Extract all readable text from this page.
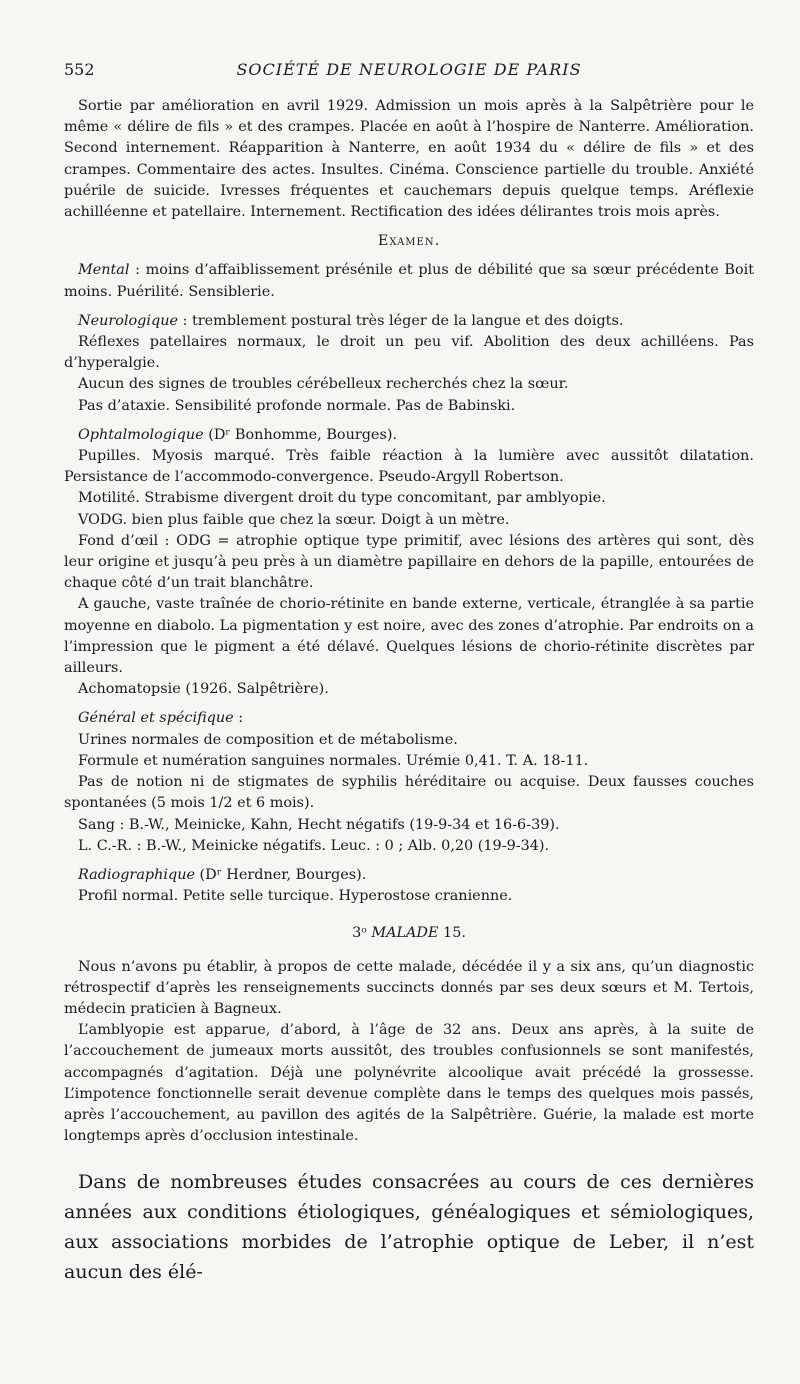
552	SOCIÉTÉ DE NEUROLOGIE DE PARIS

Sortie par amélioration en avril 1929. Admission un mois après à la Salpêtrière pour le même « délire de fils » et des crampes. Placée en août à l’hospire de Nanterre. Amélioration. Second internement. Réapparition à Nanterre, en août 1934 du « délire de fils » et des crampes. Commentaire des actes. Insultes. Cinéma. Conscience partielle du trouble. Anxiété puérile de suicide. Ivresses fréquentes et cauchemars depuis quelque temps. Aréflexie achilléenne et patellaire. Internement. Rectification des idées délirantes trois mois après.

Examen.

Mental : moins d’affaiblissement présénile et plus de débilité que sa sœur précédente Boit moins. Puérilité. Sensiblerie.

Neurologique : tremblement postural très léger de la langue et des doigts.

Réflexes patellaires normaux, le droit un peu vif. Abolition des deux achilléens. Pas d’hyperalgie.

Aucun des signes de troubles cérébelleux recherchés chez la sœur.

Pas d’ataxie. Sensibilité profonde normale. Pas de Babinski.

Ophtalmologique (Dʳ Bonhomme, Bourges).

Pupilles. Myosis marqué. Très faible réaction à la lumière avec aussitôt dilatation. Persistance de l’accommodo-convergence. Pseudo-Argyll Robertson.

Motilité. Strabisme divergent droit du type concomitant, par amblyopie.

VODG. bien plus faible que chez la sœur. Doigt à un mètre.

Fond d’œil : ODG = atrophie optique type primitif, avec lésions des artères qui sont, dès leur origine et jusqu’à peu près à un diamètre papillaire en dehors de la papille, entourées de chaque côté d’un trait blanchâtre.

A gauche, vaste traînée de chorio-rétinite en bande externe, verticale, étranglée à sa partie moyenne en diabolo. La pigmentation y est noire, avec des zones d’atrophie. Par endroits on a l’impression que le pigment a été délavé. Quelques lésions de chorio-rétinite discrètes par ailleurs.

Achomatopsie (1926. Salpêtrière).

Général et spécifique :

Urines normales de composition et de métabolisme.

Formule et numération sanguines normales. Urémie 0,41. T. A. 18-11.

Pas de notion ni de stigmates de syphilis héréditaire ou acquise. Deux fausses couches spontanées (5 mois 1/2 et 6 mois).

Sang : B.-W., Meinicke, Kahn, Hecht négatifs (19-9-34 et 16-6-39).

L. C.-R. : B.-W., Meinicke négatifs. Leuc. : 0 ; Alb. 0,20 (19-9-34).

Radiographique (Dʳ Herdner, Bourges).

Profil normal. Petite selle turcique. Hyperostose cranienne.

3ᵒ MALADE 15.

Nous n’avons pu établir, à propos de cette malade, décédée il y a six ans, qu’un diagnostic rétrospectif d’après les renseignements succincts donnés par ses deux sœurs et M. Tertois, médecin praticien à Bagneux.

L’amblyopie est apparue, d’abord, à l’âge de 32 ans. Deux ans après, à la suite de l’accouchement de jumeaux morts aussitôt, des troubles confusionnels se sont manifestés, accompagnés d’agitation. Déjà une polynévrite alcoolique avait précédé la grossesse. L’impotence fonctionnelle serait devenue complète dans le temps des quelques mois passés, après l’accouchement, au pavillon des agités de la Salpêtrière. Guérie, la malade est morte longtemps après d’occlusion intestinale.

Dans de nombreuses études consacrées au cours de ces dernières années aux conditions étiologiques, généalogiques et sémiologiques, aux associations morbides de l’atrophie optique de Leber, il n’est aucun des élé-
